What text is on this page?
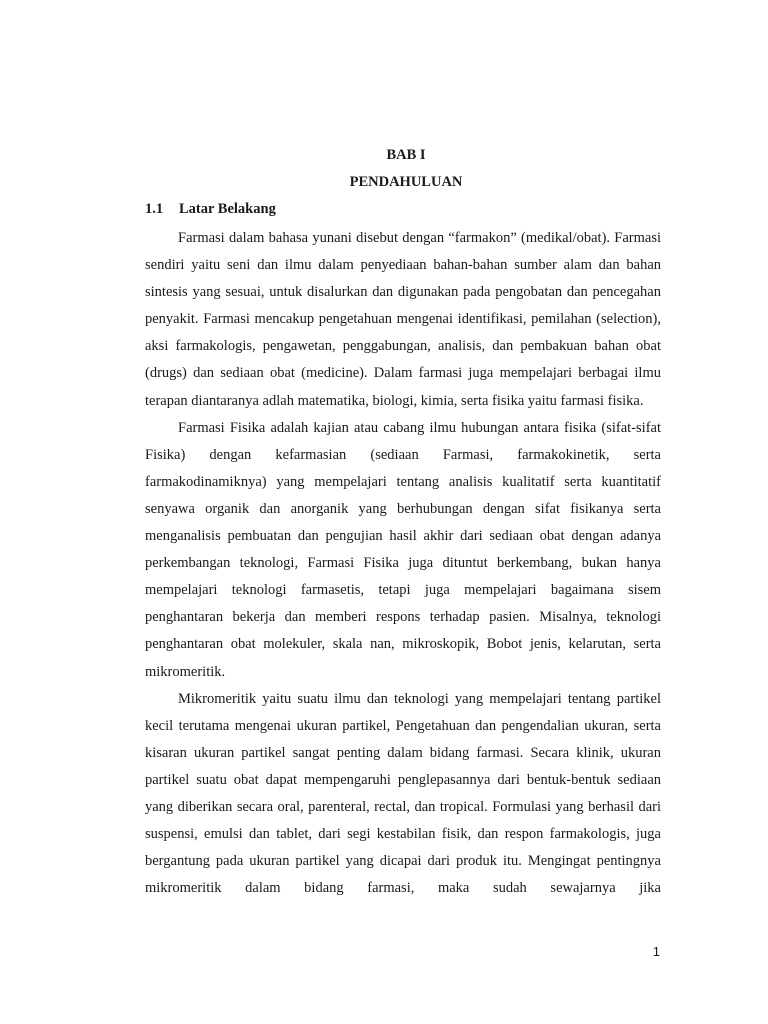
BAB I
PENDAHULUAN
1.1 Latar Belakang

Farmasi dalam bahasa yunani disebut dengan “farmakon” (medikal/obat). Farmasi sendiri yaitu seni dan ilmu dalam penyediaan bahan-bahan sumber alam dan bahan sintesis yang sesuai, untuk disalurkan dan digunakan pada pengobatan dan pencegahan penyakit. Farmasi mencakup pengetahuan mengenai identifikasi, pemilahan (selection), aksi farmakologis, pengawetan, penggabungan, analisis, dan pembakuan bahan obat (drugs) dan sediaan obat (medicine). Dalam farmasi juga mempelajari berbagai ilmu terapan diantaranya adlah matematika, biologi, kimia, serta fisika yaitu farmasi fisika.

Farmasi Fisika adalah kajian atau cabang ilmu hubungan antara fisika (sifat-sifat Fisika) dengan kefarmasian (sediaan Farmasi, farmakokinetik, serta farmakodinamiknya) yang mempelajari tentang analisis kualitatif serta kuantitatif senyawa organik dan anorganik yang berhubungan dengan sifat fisikanya serta menganalisis pembuatan dan pengujian hasil akhir dari sediaan obat dengan adanya perkembangan teknologi, Farmasi Fisika juga dituntut berkembang, bukan hanya mempelajari teknologi farmasetis, tetapi juga mempelajari bagaimana sisem penghantaran bekerja dan memberi respons terhadap pasien. Misalnya, teknologi penghantaran obat molekuler, skala nan, mikroskopik, Bobot jenis, kelarutan, serta mikromeritik.

Mikromeritik yaitu suatu ilmu dan teknologi yang mempelajari tentang partikel kecil terutama mengenai ukuran partikel, Pengetahuan dan pengendalian ukuran, serta kisaran ukuran partikel sangat penting dalam bidang farmasi. Secara klinik, ukuran partikel suatu obat dapat mempengaruhi penglepasannya dari bentuk-bentuk sediaan yang diberikan secara oral, parenteral, rectal, dan tropical. Formulasi yang berhasil dari suspensi, emulsi dan tablet, dari segi kestabilan fisik, dan respon farmakologis, juga bergantung pada ukuran partikel yang dicapai dari produk itu. Mengingat pentingnya mikromeritik dalam bidang farmasi, maka sudah sewajarnya jika

1
